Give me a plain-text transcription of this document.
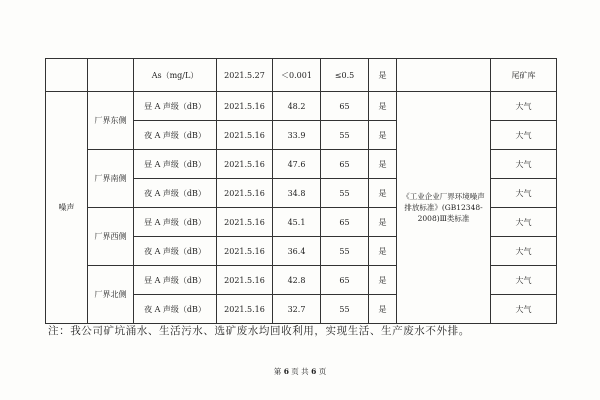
		As（mg/L）	2021.5.27	＜0.001	≤0.5	是		尾矿库
噪声	厂界东侧	昼 A 声级（dB）	2021.5.16	48.2	65	是	《工业企业厂界环境噪声排放标准》(GB12348-2008)Ⅲ类标准	大气
		夜 A 声级（dB）	2021.5.16	33.9	55	是		大气
	厂界南侧	昼 A 声级（dB）	2021.5.16	47.6	65	是		大气
		夜 A 声级（dB）	2021.5.16	34.8	55	是		大气
	厂界西侧	昼 A 声级（dB）	2021.5.16	45.1	65	是		大气
		夜 A 声级（dB）	2021.5.16	36.4	55	是		大气
	厂界北侧	昼 A 声级（dB）	2021.5.16	42.8	65	是		大气
		夜 A 声级（dB）	2021.5.16	32.7	55	是		大气
注：我公司矿坑涌水、生活污水、选矿废水均回收利用，实现生活、生产废水不外排。
第 6 页 共 6 页
